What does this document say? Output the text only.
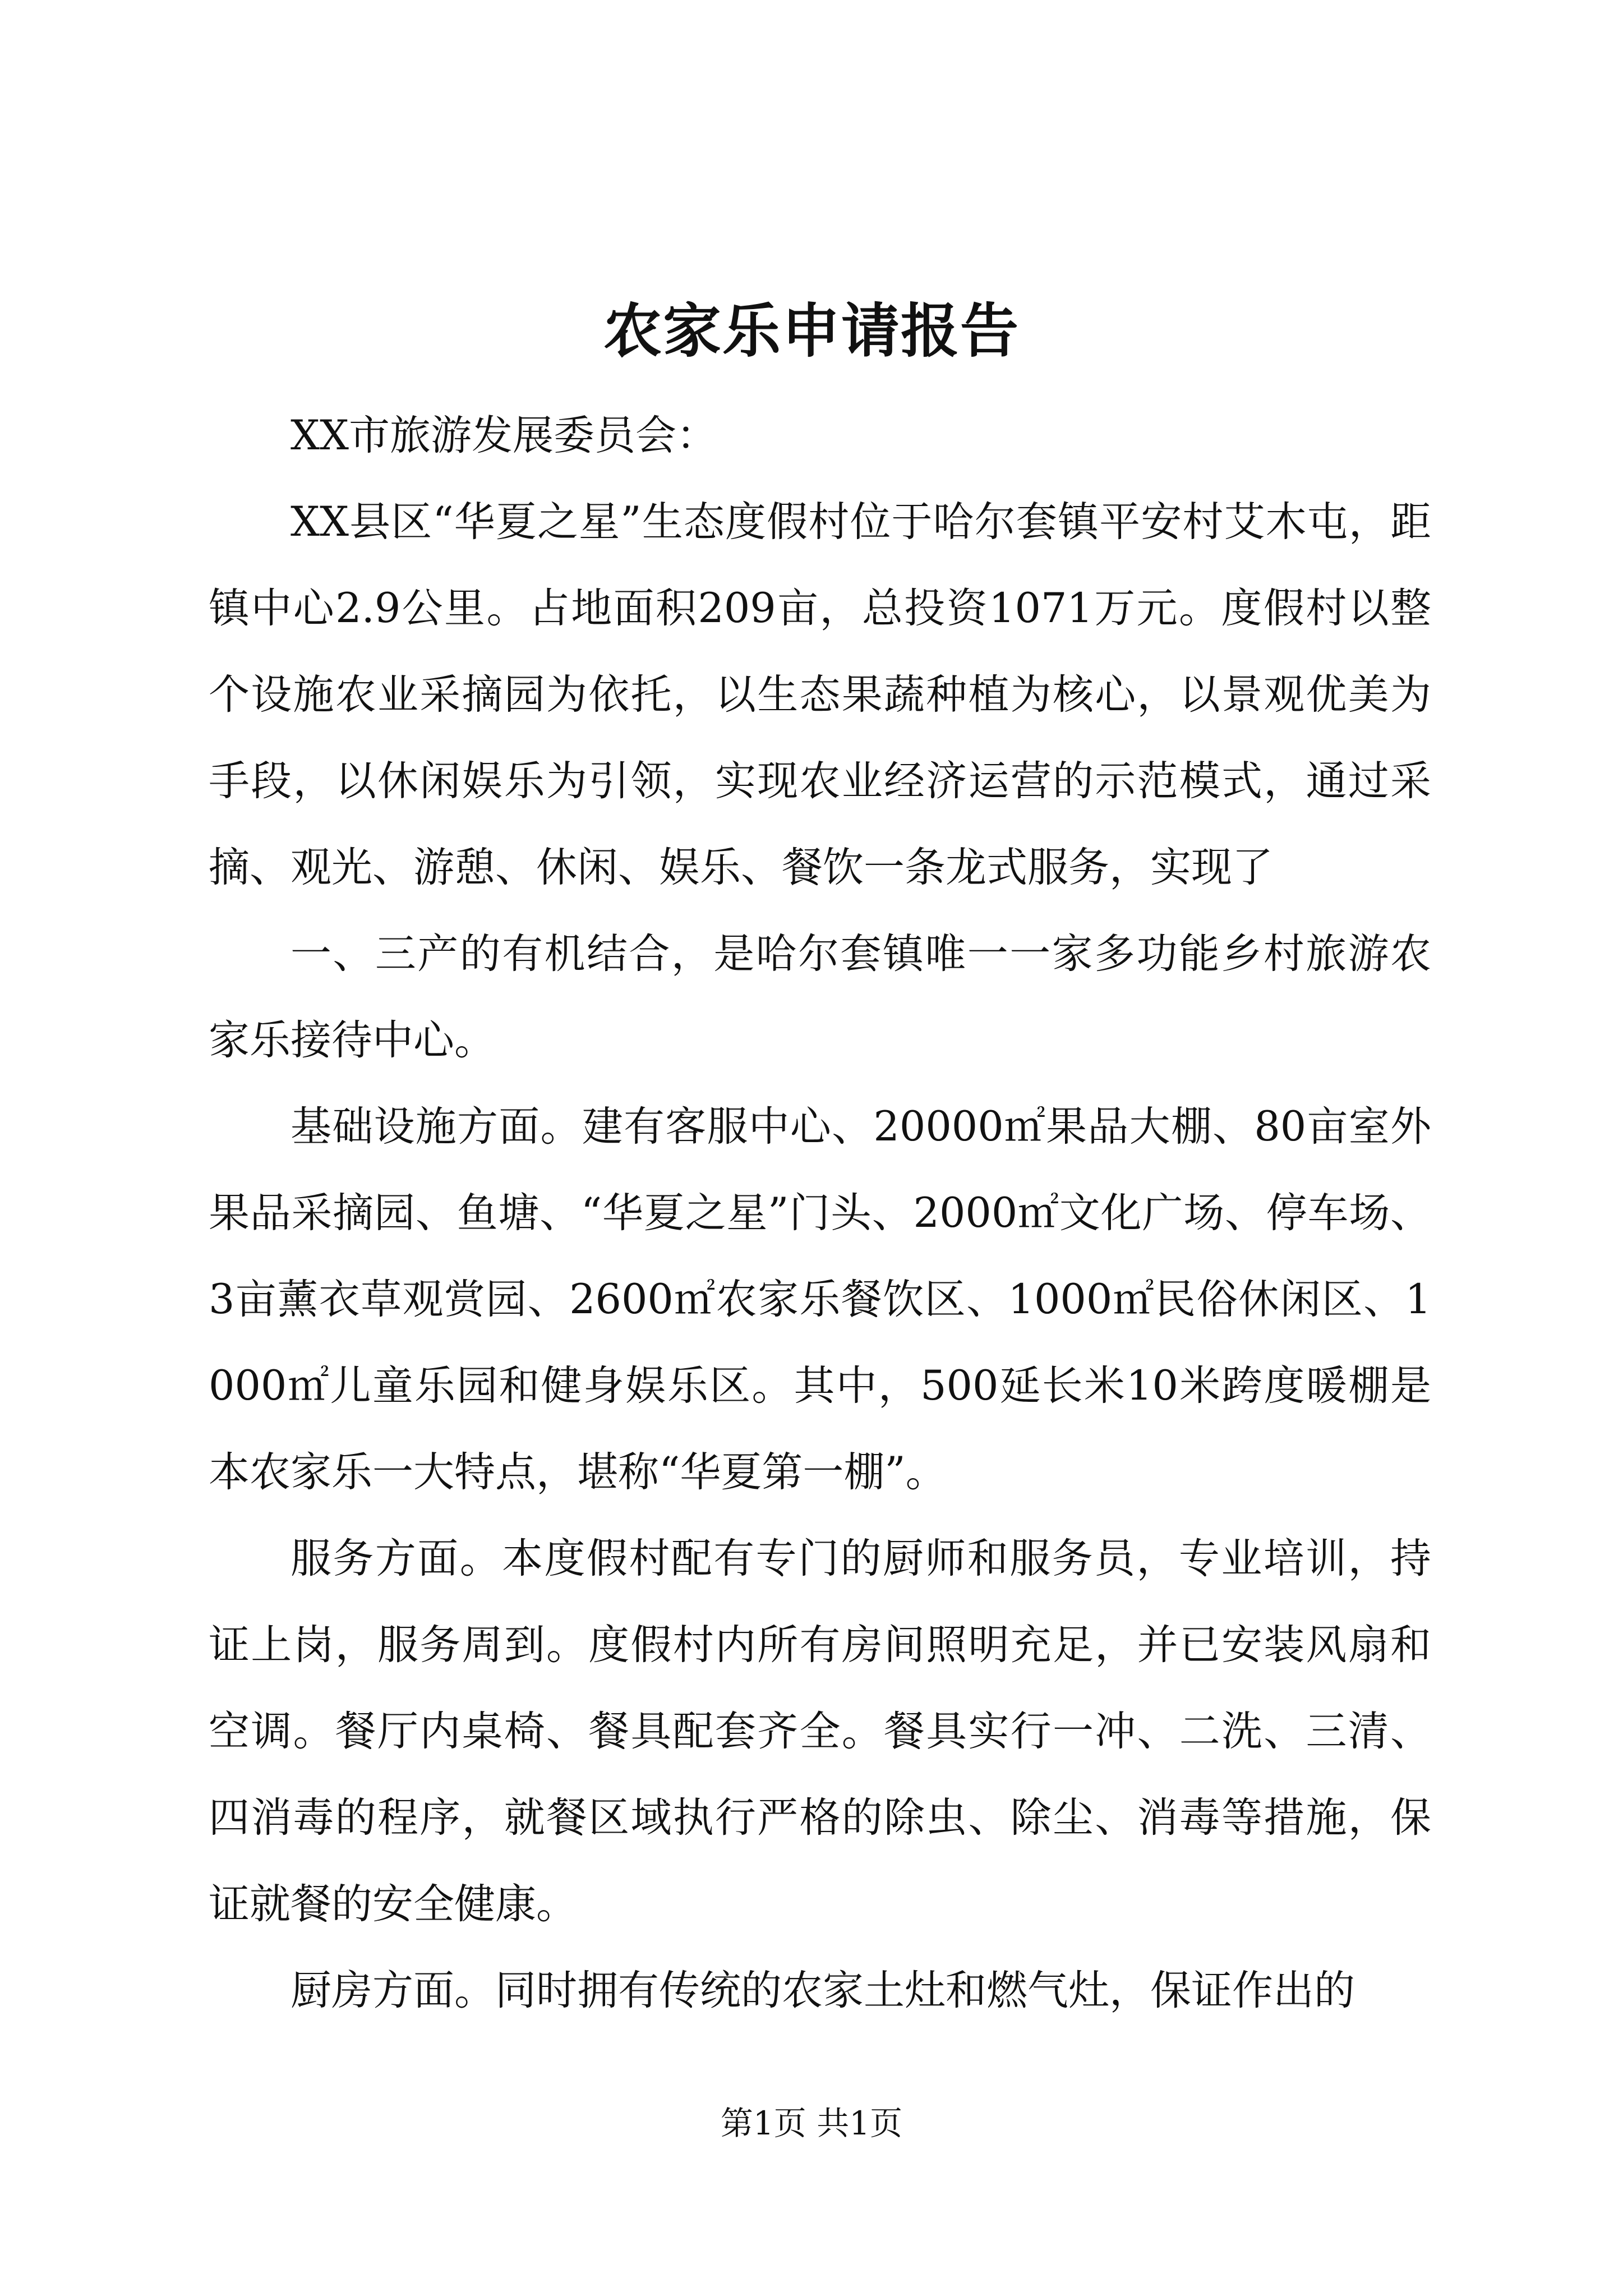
农家乐申请报告

XX市旅游发展委员会：

XX县区“华夏之星”生态度假村位于哈尔套镇平安村艾木屯，距镇中心2.9公里。占地面积209亩，总投资1071万元。度假村以整个设施农业采摘园为依托，以生态果蔬种植为核心，以景观优美为手段，以休闲娱乐为引领，实现农业经济运营的示范模式，通过采摘、观光、游憩、休闲、娱乐、餐饮一条龙式服务，实现了

一、三产的有机结合，是哈尔套镇唯一一家多功能乡村旅游农家乐接待中心。

基础设施方面。建有客服中心、20000㎡果品大棚、80亩室外果品采摘园、鱼塘、“华夏之星”门头、2000㎡文化广场、停车场、3亩薰衣草观赏园、2600㎡农家乐餐饮区、1000㎡民俗休闲区、1000㎡儿童乐园和健身娱乐区。其中，500延长米10米跨度暖棚是本农家乐一大特点，堪称“华夏第一棚”。

服务方面。本度假村配有专门的厨师和服务员，专业培训，持证上岗，服务周到。度假村内所有房间照明充足，并已安装风扇和空调。餐厅内桌椅、餐具配套齐全。餐具实行一冲、二洗、三清、四消毒的程序，就餐区域执行严格的除虫、除尘、消毒等措施，保证就餐的安全健康。

厨房方面。同时拥有传统的农家土灶和燃气灶，保证作出的

第1页 共1页
